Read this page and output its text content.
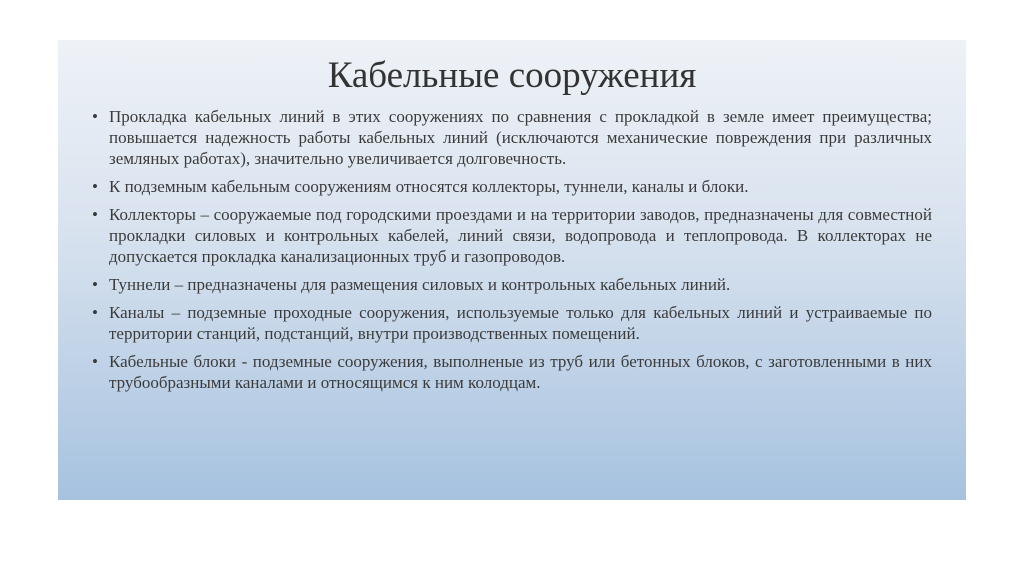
Кабельные сооружения
• Прокладка кабельных линий в этих сооружениях по сравнения с прокладкой в земле имеет преимущества; повышается надежность работы кабельных линий (исключаются механические повреждения при различных земляных работах), значительно увеличивается долговечность.
• К подземным кабельным сооружениям относятся коллекторы, туннели, каналы и блоки.
• Коллекторы – сооружаемые под городскими проездами и на территории заводов, предназначены для совместной прокладки силовых и контрольных кабелей, линий связи, водопровода и теплопровода. В коллекторах не допускается прокладка канализационных труб и газопроводов.
• Туннели – предназначены для размещения силовых и контрольных кабельных линий.
• Каналы – подземные проходные сооружения, используемые только для кабельных линий и устраиваемые по территории станций, подстанций, внутри производственных помещений.
• Кабельные блоки - подземные сооружения, выполненые из труб или бетонных блоков, с заготовленными в них трубообразными каналами и относящимся к ним колодцам.
